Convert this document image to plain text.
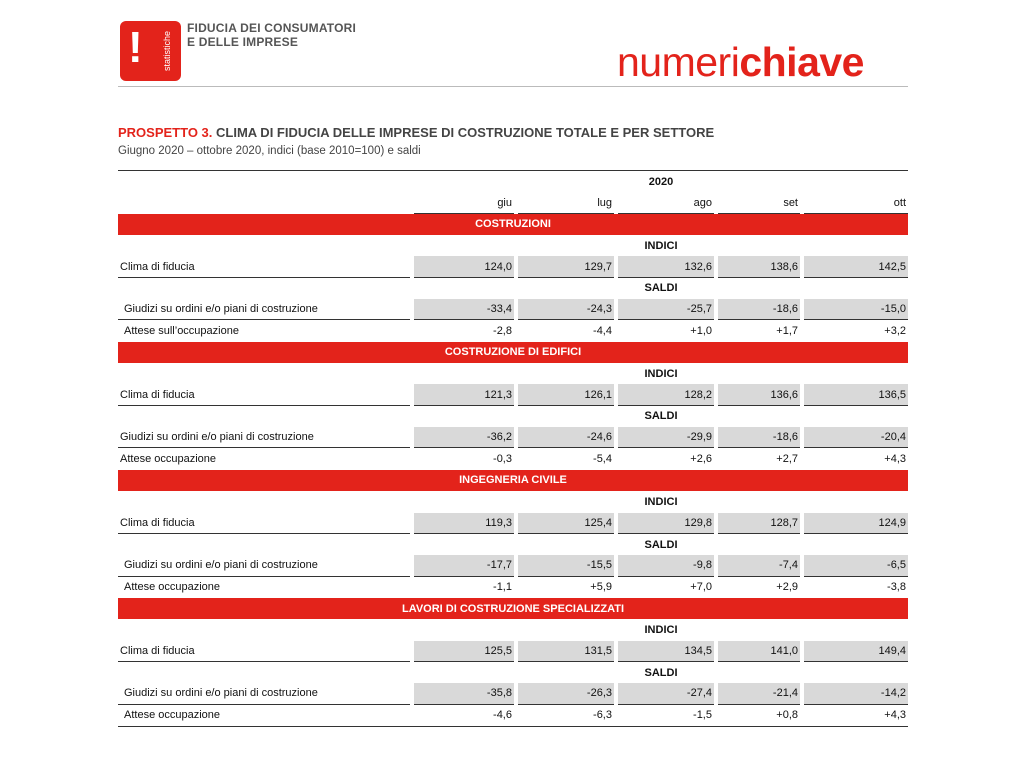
! statistiche
FIDUCIA DEI CONSUMATORI
E DELLE IMPRESE	numerichiave
PROSPETTO 3. CLIMA DI FIDUCIA DELLE IMPRESE DI COSTRUZIONE TOTALE E PER SETTORE
Giugno 2020 – ottobre 2020, indici (base 2010=100) e saldi
2020
giu	lug	ago	set	ott
COSTRUZIONI
INDICI
Clima di fiducia	124,0	129,7	132,6	138,6	142,5
SALDI
Giudizi su ordini e/o piani di costruzione	-33,4	-24,3	-25,7	-18,6	-15,0
Attese sull’occupazione	-2,8	-4,4	+1,0	+1,7	+3,2
COSTRUZIONE DI EDIFICI
INDICI
Clima di fiducia	121,3	126,1	128,2	136,6	136,5
SALDI
Giudizi su ordini e/o piani di costruzione	-36,2	-24,6	-29,9	-18,6	-20,4
Attese occupazione	-0,3	-5,4	+2,6	+2,7	+4,3
INGEGNERIA CIVILE
INDICI
Clima di fiducia	119,3	125,4	129,8	128,7	124,9
SALDI
Giudizi su ordini e/o piani di costruzione	-17,7	-15,5	-9,8	-7,4	-6,5
Attese occupazione	-1,1	+5,9	+7,0	+2,9	-3,8
LAVORI DI COSTRUZIONE SPECIALIZZATI
INDICI
Clima di fiducia	125,5	131,5	134,5	141,0	149,4
SALDI
Giudizi su ordini e/o piani di costruzione	-35,8	-26,3	-27,4	-21,4	-14,2
Attese occupazione	-4,6	-6,3	-1,5	+0,8	+4,3
